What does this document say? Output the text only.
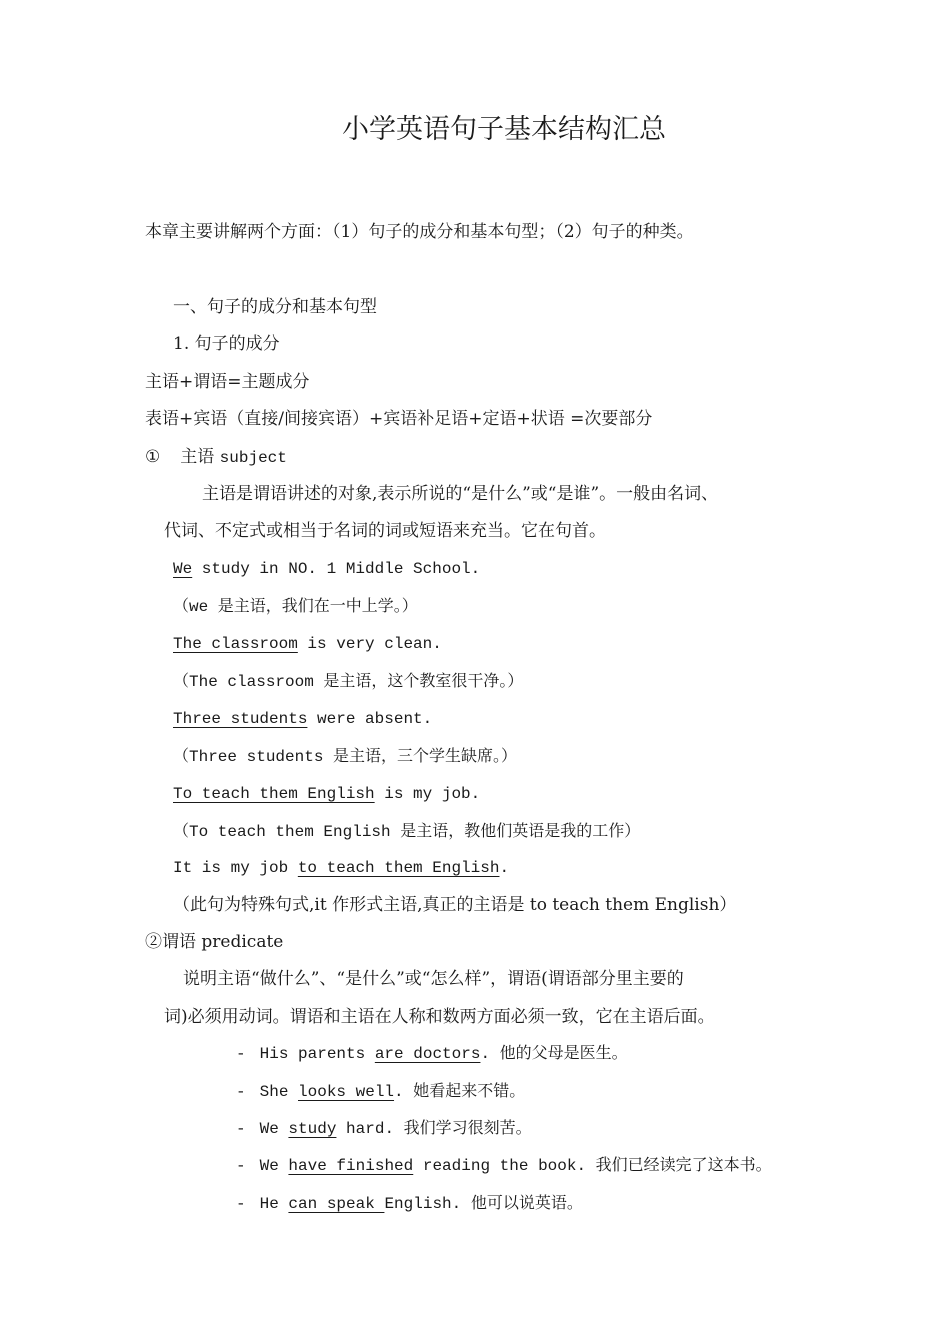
小学英语句子基本结构汇总
本章主要讲解两个方面：（1）句子的成分和基本句型；（2）句子的种类。
一、句子的成分和基本句型
1. 句子的成分
主语+谓语=主题成分
表语+宾语（直接/间接宾语）+宾语补足语+定语+状语 =次要部分
① 主语 subject
主语是谓语讲述的对象,表示所说的“是什么”或“是谁”。一般由名词、
代词、不定式或相当于名词的词或短语来充当。它在句首。
We study in NO. 1 Middle School.
（we 是主语，我们在一中上学。）
The classroom is very clean.
（The classroom 是主语，这个教室很干净。）
Three students were absent.
（Three students 是主语，三个学生缺席。）
To teach them English is my job.
（To teach them English 是主语，教他们英语是我的工作）
It is my job to teach them English.
（此句为特殊句式,it 作形式主语,真正的主语是 to teach them English）
②谓语 predicate
说明主语“做什么”、“是什么”或“怎么样”，谓语(谓语部分里主要的
词)必须用动词。谓语和主语在人称和数两方面必须一致，它在主语后面。
- His parents are doctors. 他的父母是医生。
- She looks well. 她看起来不错。
- We study hard. 我们学习很刻苦。
- We have finished reading the book. 我们已经读完了这本书。
- He can speak English. 他可以说英语。
